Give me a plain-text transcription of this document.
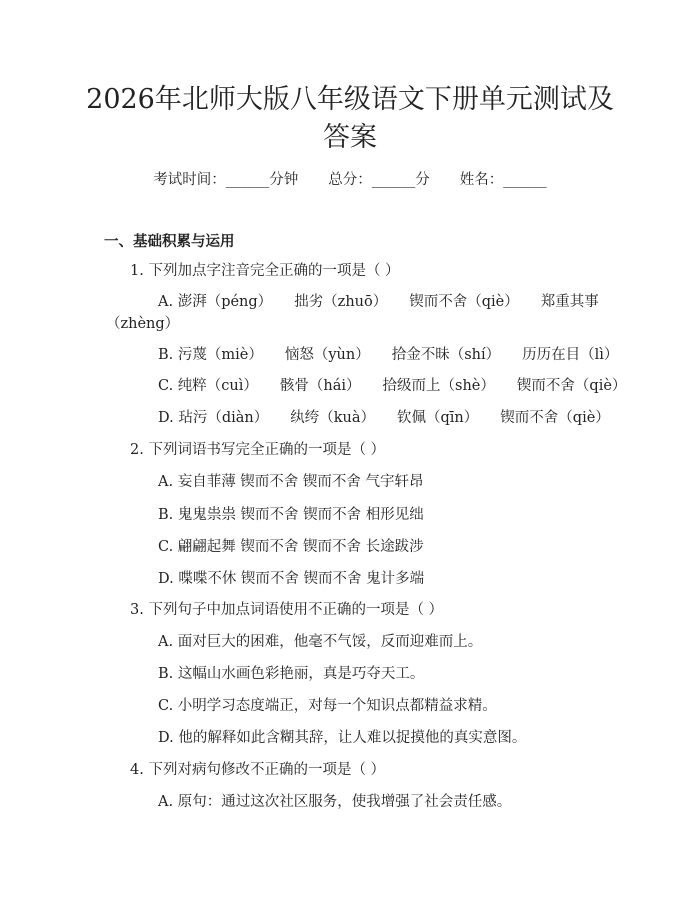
2026年北师大版八年级语文下册单元测试及
答案
考试时间：______分钟 总分：______分 姓名：______
一、基础积累与运用
1. 下列加点字注音完全正确的一项是（ ）
A. 澎湃（péng） 拙劣（zhuō） 锲而不舍（qiè） 郑重其事
（zhèng）
B. 污蔑（miè） 恼怒（yùn） 拾金不昧（shí） 历历在目（lì）
C. 纯粹（cuì） 骸骨（hái） 拾级而上（shè） 锲而不舍（qiè）
D. 玷污（diàn） 纨绔（kuà） 钦佩（qīn） 锲而不舍（qiè）
2. 下列词语书写完全正确的一项是（ ）
A. 妄自菲薄 锲而不舍 锲而不舍 气宇轩昂
B. 鬼鬼祟祟 锲而不舍 锲而不舍 相形见绌
C. 翩翩起舞 锲而不舍 锲而不舍 长途跋涉
D. 喋喋不休 锲而不舍 锲而不舍 鬼计多端
3. 下列句子中加点词语使用不正确的一项是（ ）
A. 面对巨大的困难，他毫不气馁，反而迎难而上。
B. 这幅山水画色彩艳丽，真是巧夺天工。
C. 小明学习态度端正，对每一个知识点都精益求精。
D. 他的解释如此含糊其辞，让人难以捉摸他的真实意图。
4. 下列对病句修改不正确的一项是（ ）
A. 原句：通过这次社区服务，使我增强了社会责任感。
